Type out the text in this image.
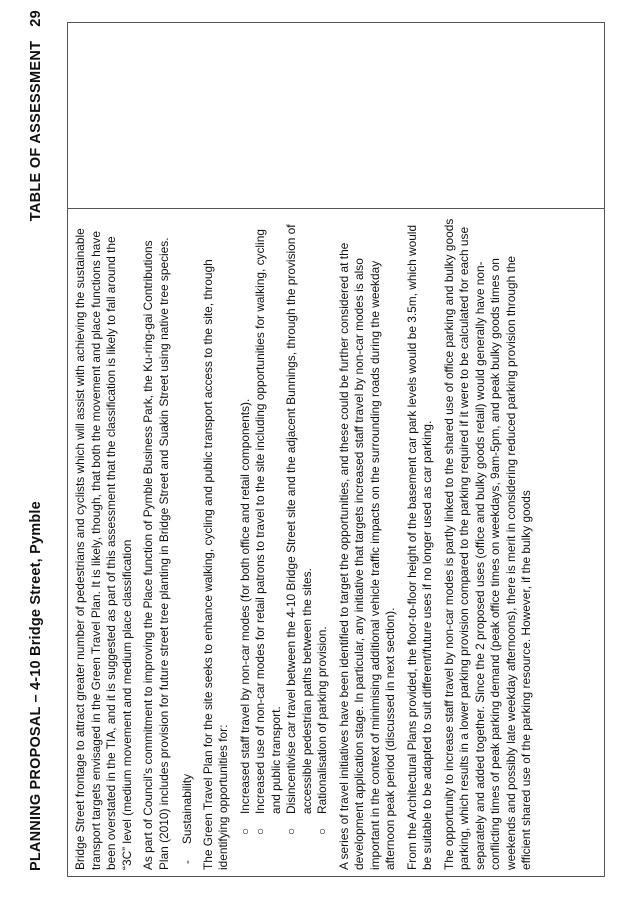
PLANNING PROPOSAL – 4-10 Bridge Street, Pymble
TABLE OF ASSESSMENT29

Bridge Street frontage to attract greater number of pedestrians and cyclists which will assist with achieving the sustainable transport targets envisaged in the Green Travel Plan. It is likely, though, that both the movement and place functions have been overstated in the TIA, and it is suggested as part of this assessment that the classification is likely to fall around the “3C” level (medium movement and medium place classification As part of Council’s commitment to improving the Place function of Pymble Business Park, the Ku-ring-gai Contributions Plan (2010) includes provision for future street tree planting in Bridge Street and Suakin Street using native tree species. -Sustainability The Green Travel Plan for the site seeks to enhance walking, cycling and public transport access to the site, through identifying opportunities for: ○
Increased staff travel by non-car modes (for both office and retail components).
○
Increased use of non-car modes for retail patrons to travel to the site including opportunities for walking, cycling and public transport.
○
Disincentivise car travel between the 4-10 Bridge Street site and the adjacent Bunnings, through the provision of accessible pedestrian paths between the sites.
○
Rationalisation of parking provision. A series of travel initiatives have been identified to target the opportunities, and these could be further considered at the development application stage. In particular, any initiative that targets increased staff travel by non-car modes is also important in the context of minimising additional vehicle traffic impacts on the surrounding roads during the weekday afternoon peak period (discussed in next section). From the Architectural Plans provided, the floor-to-floor height of the basement car park levels would be 3.5m, which would be suitable to be adapted to suit different/future uses if no longer used as car parking. The opportunity to increase staff travel by non-car modes is partly linked to the shared use of office parking and bulky goods parking, which results in a lower parking provision compared to the parking required if it were to be calculated for each use separately and added together. Since the 2 proposed uses (office and bulky goods retail) would generally have non-conflicting times of peak parking demand (peak office times on weekdays, 9am-5pm, and peak bulky goods times on weekends and possibly late weekday afternoons), there is merit in considering reduced parking provision through the efficient shared use of the parking resource. However, if the bulky goods
